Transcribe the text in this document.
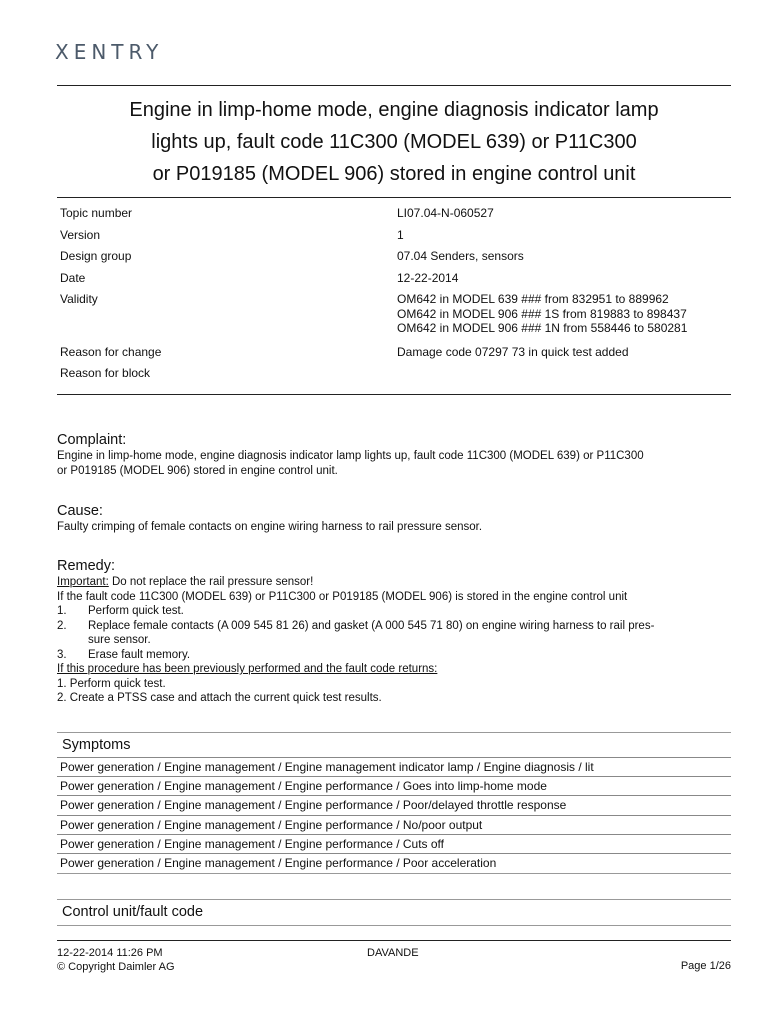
XENTRY
Engine in limp-home mode, engine diagnosis indicator lamp
lights up, fault code 11C300 (MODEL 639) or P11C300
or P019185 (MODEL 906) stored in engine control unit
Topic number	LI07.04-N-060527
Version	1
Design group	07.04 Senders, sensors
Date	12-22-2014
Validity	OM642 in MODEL 639 ### from 832951 to 889962
OM642 in MODEL 906 ### 1S from 819883 to 898437
OM642 in MODEL 906 ### 1N from 558446 to 580281
Reason for change	Damage code 07297 73 in quick test added
Reason for block
Complaint:
Engine in limp-home mode, engine diagnosis indicator lamp lights up, fault code 11C300 (MODEL 639) or P11C300
or P019185 (MODEL 906) stored in engine control unit.
Cause:
Faulty crimping of female contacts on engine wiring harness to rail pressure sensor.
Remedy:
Important: Do not replace the rail pressure sensor!
If the fault code 11C300 (MODEL 639) or P11C300 or P019185 (MODEL 906) is stored in the engine control unit
1.	Perform quick test.
2.	Replace female contacts (A 009 545 81 26) and gasket (A 000 545 71 80) on engine wiring harness to rail pres-
sure sensor.
3.	Erase fault memory.
If this procedure has been previously performed and the fault code returns:
1. Perform quick test.
2. Create a PTSS case and attach the current quick test results.
Symptoms
Power generation / Engine management / Engine management indicator lamp / Engine diagnosis / lit
Power generation / Engine management / Engine performance / Goes into limp-home mode
Power generation / Engine management / Engine performance / Poor/delayed throttle response
Power generation / Engine management / Engine performance / No/poor output
Power generation / Engine management / Engine performance / Cuts off
Power generation / Engine management / Engine performance / Poor acceleration
Control unit/fault code
12-22-2014 11:26 PM
© Copyright Daimler AG
DAVANDE
Page 1/26
